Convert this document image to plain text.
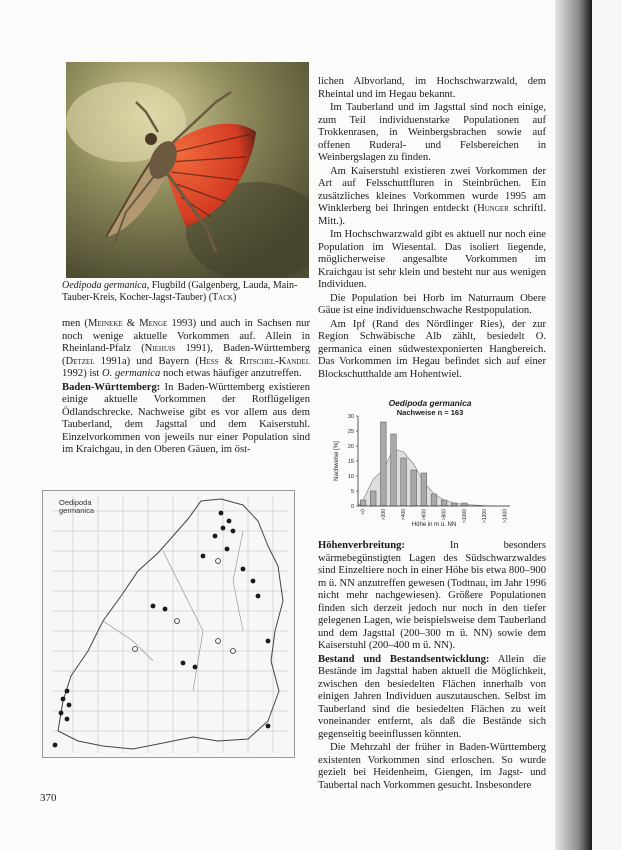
Oedipoda germanica, Flugbild (Galgenberg, Lauda, Main-Tauber-Kreis, Kocher-Jagst-Tauber) (Tack)

men (Meineke & Menge 1993) und auch in Sachsen nur noch wenige aktuelle Vorkommen auf. Allein in Rheinland-Pfalz (Niehuis 1991), Baden-Württemberg (Detzel 1991a) und Bayern (Hess & Ritschel-Kandel 1992) ist O. germanica noch etwas häufiger anzutreffen.

Baden-Württemberg: In Baden-Württemberg existieren einige aktuelle Vorkommen der Rotflügeligen Ödlandschrecke. Nachweise gibt es vor allem aus dem Tauberland, dem Jagsttal und dem Kaiserstuhl. Einzelvorkommen von jeweils nur einer Population sind im Kraichgau, in den Oberen Gäuen, im öst-

Oedipoda
germanica

lichen Albvorland, im Hochschwarzwald, dem Rheintal und im Hegau bekannt.

Im Tauberland und im Jagsttal sind noch einige, zum Teil individuenstarke Populationen auf Trokkenrasen, in Weinbergsbrachen sowie auf offenen Ruderal- und Felsbereichen in Weinbergslagen zu finden.

Am Kaiserstuhl existieren zwei Vorkommen der Art auf Felsschuttfluren in Steinbrüchen. Ein zusätzliches kleines Vorkommen wurde 1995 am Winklerberg bei Ihringen entdeckt (Hunger schriftl. Mitt.).

Im Hochschwarzwald gibt es aktuell nur noch eine Population im Wiesental. Das isoliert liegende, möglicherweise angesalbte Vorkommen im Kraichgau ist sehr klein und besteht nur aus wenigen Individuen.

Die Population bei Horb im Naturraum Obere Gäue ist eine individuenschwache Restpopulation.

Am Ipf (Rand des Nördlinger Ries), der zur Region Schwäbische Alb zählt, besiedelt O. germanica einen südwestexponierten Hangbereich. Das Vorkommen im Hegau befindet sich auf einer Blockschutthalde am Hohentwiel.

Oedipoda germanica
Nachweise n = 163
0
5
10
15
20
25
30
>0	>200	>400	>600	>800	>1000	>1200	>1400
Höhe in m ü. NN
Nachweise [%]

Höhenverbreitung: In besonders wärmebegünstigten Lagen des Südschwarzwaldes sind Einzeltiere noch in einer Höhe bis etwa 800–900 m ü. NN anzutreffen gewesen (Todtnau, im Jahr 1996 nicht mehr nachgewiesen). Größere Populationen finden sich derzeit jedoch nur noch in den tiefer gelegenen Lagen, wie beispielsweise dem Tauberland und dem Jagsttal (200–300 m ü. NN) sowie dem Kaiserstuhl (200–400 m ü. NN).

Bestand und Bestandsentwicklung: Allein die Bestände im Jagsttal haben aktuell die Möglichkeit, zwischen den besiedelten Flächen innerhalb von einigen Jahren Individuen auszutauschen. Selbst im Tauberland sind die besiedelten Flächen zu weit voneinander entfernt, als daß die Bestände sich gegenseitig beeinflussen könnten.

Die Mehrzahl der früher in Baden-Württemberg existenten Vorkommen sind erloschen. So wurde gezielt bei Heidenheim, Giengen, im Jagst- und Taubertal nach Vorkommen gesucht. Insbesondere

370
